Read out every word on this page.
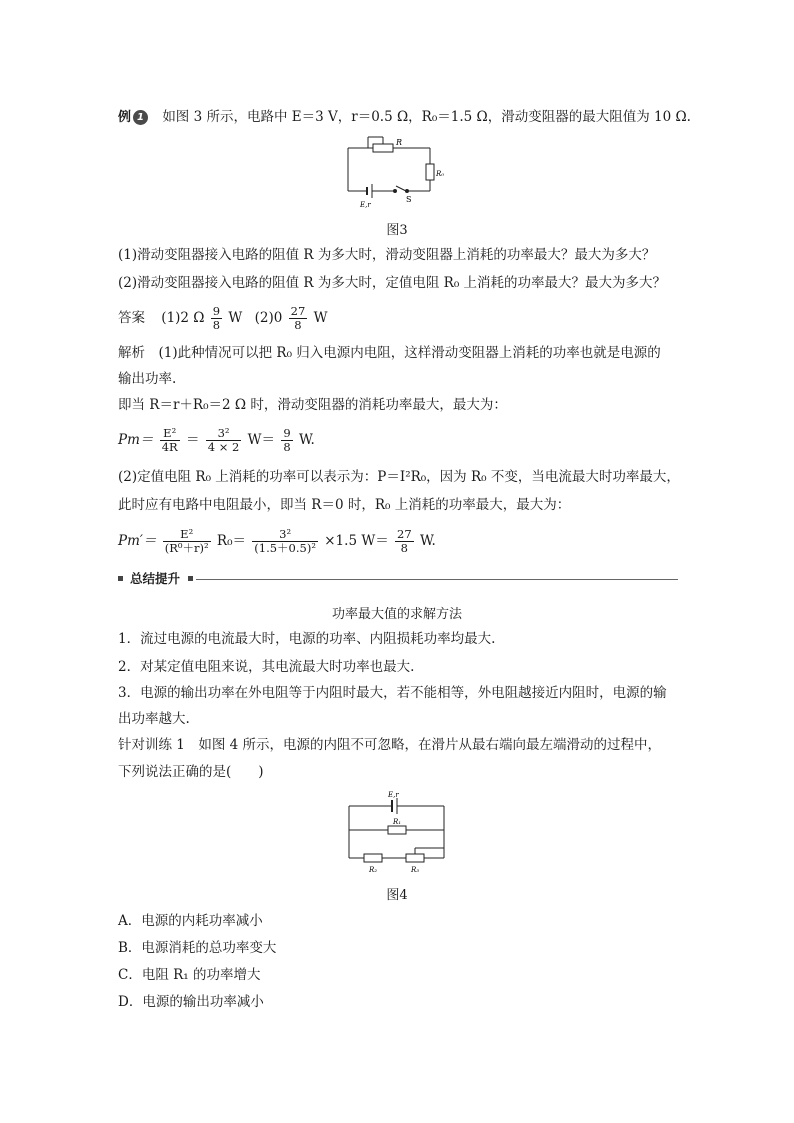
例 1 如图 3 所示，电路中 E＝3 V，r＝0.5 Ω，R₀＝1.5 Ω，滑动变阻器的最大阻值为 10 Ω.
R
R₀
E,r
S
图3
(1)滑动变阻器接入电路的阻值 R 为多大时，滑动变阻器上消耗的功率最大？最大为多大？
(2)滑动变阻器接入电路的阻值 R 为多大时，定值电阻 R₀ 上消耗的功率最大？最大为多大？
答案 (1)2 Ω $\frac{9}{8}$ W $(2)0 \frac{27}{8}$ W
解析　(1)此种情况可以把 R₀ 归入电源内电阻，这样滑动变阻器上消耗的功率也就是电源的
输出功率.
即当 R＝r＋R₀＝2 Ω 时，滑动变阻器的消耗功率最大，最大为：
$Pm= \frac{\text{E²}}{4R} = \frac{\text{3²}}{4 \times 2} W= \frac{9}{8} W$.
(2)定值电阻 R₀ 上消耗的功率可以表示为：P＝I²R₀，因为 R₀ 不变，当电流最大时功率最大，
此时应有电路中电阻最小，即当 R＝0 时，R₀ 上消耗的功率最大，最大为：
$Pm'= \frac{\text{E²}}{\text{(R⁰＋r)²}} R_0= \frac{\text{3²}}{\text{(1.5＋0.5)²}} \times 1.5$ $W= \frac{27}{8} W$.
总结提升
功率最大值的求解方法
1．流过电源的电流最大时，电源的功率、内阻损耗功率均最大.
2．对某定值电阻来说，其电流最大时功率也最大.
3．电源的输出功率在外电阻等于内阻时最大，若不能相等，外电阻越接近内阻时，电源的输
出功率越大.
针对训练 1　如图 4 所示，电源的内阻不可忽略，在滑片从最右端向最左端滑动的过程中，
下列说法正确的是(　　)
E,r
R₁
R₂	R₃
图4
A．电源的内耗功率减小
B．电源消耗的总功率变大
C．电阻 R₁ 的功率增大
D．电源的输出功率减小
